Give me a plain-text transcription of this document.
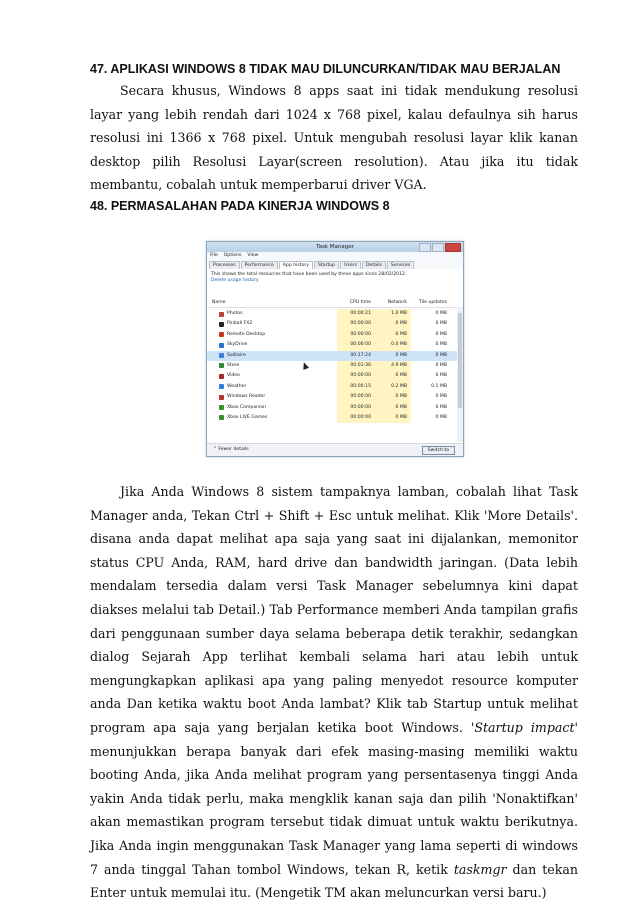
47. APLIKASI WINDOWS 8 TIDAK MAU DILUNCURKAN/TIDAK MAU BERJALAN

Secara khusus, Windows 8 apps saat ini tidak mendukung resolusi layar yang lebih rendah dari 1024 x 768 pixel, kalau defaulnya sih harus resolusi ini 1366 x 768 pixel. Untuk mengubah resolusi layar klik kanan desktop pilih Resolusi Layar(screen resolution). Atau jika itu tidak membantu, cobalah untuk memperbarui driver VGA.

48. PERMASALAHAN PADA KINERJA WINDOWS 8
Task Manager
File Options View
Processes	Performance	App history	Startup	Users	Details	Services
This shows the total resources that have been used by these apps since 28/02/2012.
Delete usage history
Name	CPU time	Network	Tile updates
Photos	00:00:21	1.0 MB	0 MB
Pinball FX2	00:00:00	0 MB	0 MB
Remote Desktop	00:00:00	0 MB	0 MB
SkyDrive	00:00:00	0.0 MB	0 MB
Solitaire	00:17:24	0 MB	0 MB
Store	00:01:36	4.9 MB	0 MB
Video	00:00:00	0 MB	0 MB
Weather	00:00:15	0.2 MB	0.1 MB
Windows Reader	00:00:00	0 MB	0 MB
Xbox Companion	00:00:00	0 MB	0 MB
Xbox LIVE Games	00:00:00	0 MB	0 MB
⌃ Fewer details	Switch to

Jika Anda Windows 8 sistem tampaknya lamban, cobalah lihat Task Manager anda, Tekan Ctrl + Shift + Esc untuk melihat. Klik 'More Details'. disana anda dapat melihat apa saja yang saat ini dijalankan, memonitor status CPU Anda, RAM, hard drive dan bandwidth jaringan. (Data lebih mendalam tersedia dalam versi Task Manager sebelumnya kini dapat diakses melalui tab Detail.) Tab Performance memberi Anda tampilan grafis dari penggunaan sumber daya selama beberapa detik terakhir, sedangkan dialog Sejarah App terlihat kembali selama hari atau lebih untuk mengungkapkan aplikasi apa yang paling menyedot resource komputer anda Dan ketika waktu boot Anda lambat? Klik tab Startup untuk melihat program apa saja yang berjalan ketika boot Windows. 'Startup impact' menunjukkan berapa banyak dari efek masing-masing memiliki waktu booting Anda, jika Anda melihat program yang persentasenya tinggi Anda yakin Anda tidak perlu, maka mengklik kanan saja dan pilih 'Nonaktifkan' akan memastikan program tersebut tidak dimuat untuk waktu berikutnya. Jika Anda ingin menggunakan Task Manager yang lama seperti di windows 7 anda tinggal Tahan tombol Windows, tekan R, ketik taskmgr dan tekan Enter untuk memulai itu. (Mengetik TM akan meluncurkan versi baru.)
